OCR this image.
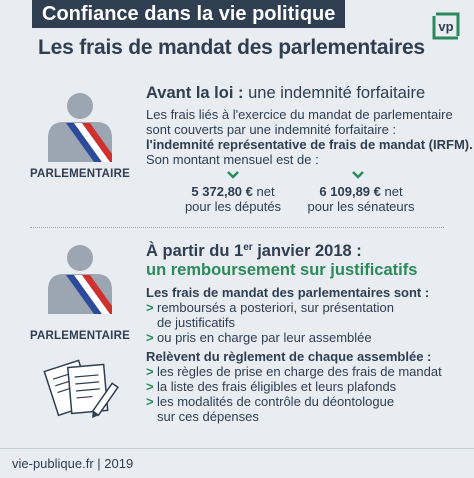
Confiance dans la vie politique
vp
Les frais de mandat des parlementaires
PARLEMENTAIRE
Avant la loi : une indemnité forfaitaire
Les frais liés à l'exercice du mandat de parlementaire
sont couverts par une indemnité forfaitaire :
l'indemnité représentative de frais de mandat (IRFM).
Son montant mensuel est de :
5 372,80 € net
pour les députés
6 109,89 € net
pour les sénateurs
PARLEMENTAIRE
À partir du 1er janvier 2018 :
un remboursement sur justificatifs
Les frais de mandat des parlementaires sont :
> remboursés a posteriori, sur présentation
de justificatifs
> ou pris en charge par leur assemblée
Relèvent du règlement de chaque assemblée :
> les règles de prise en charge des frais de mandat
> la liste des frais éligibles et leurs plafonds
> les modalités de contrôle du déontologue
sur ces dépenses
vie-publique.fr | 2019
